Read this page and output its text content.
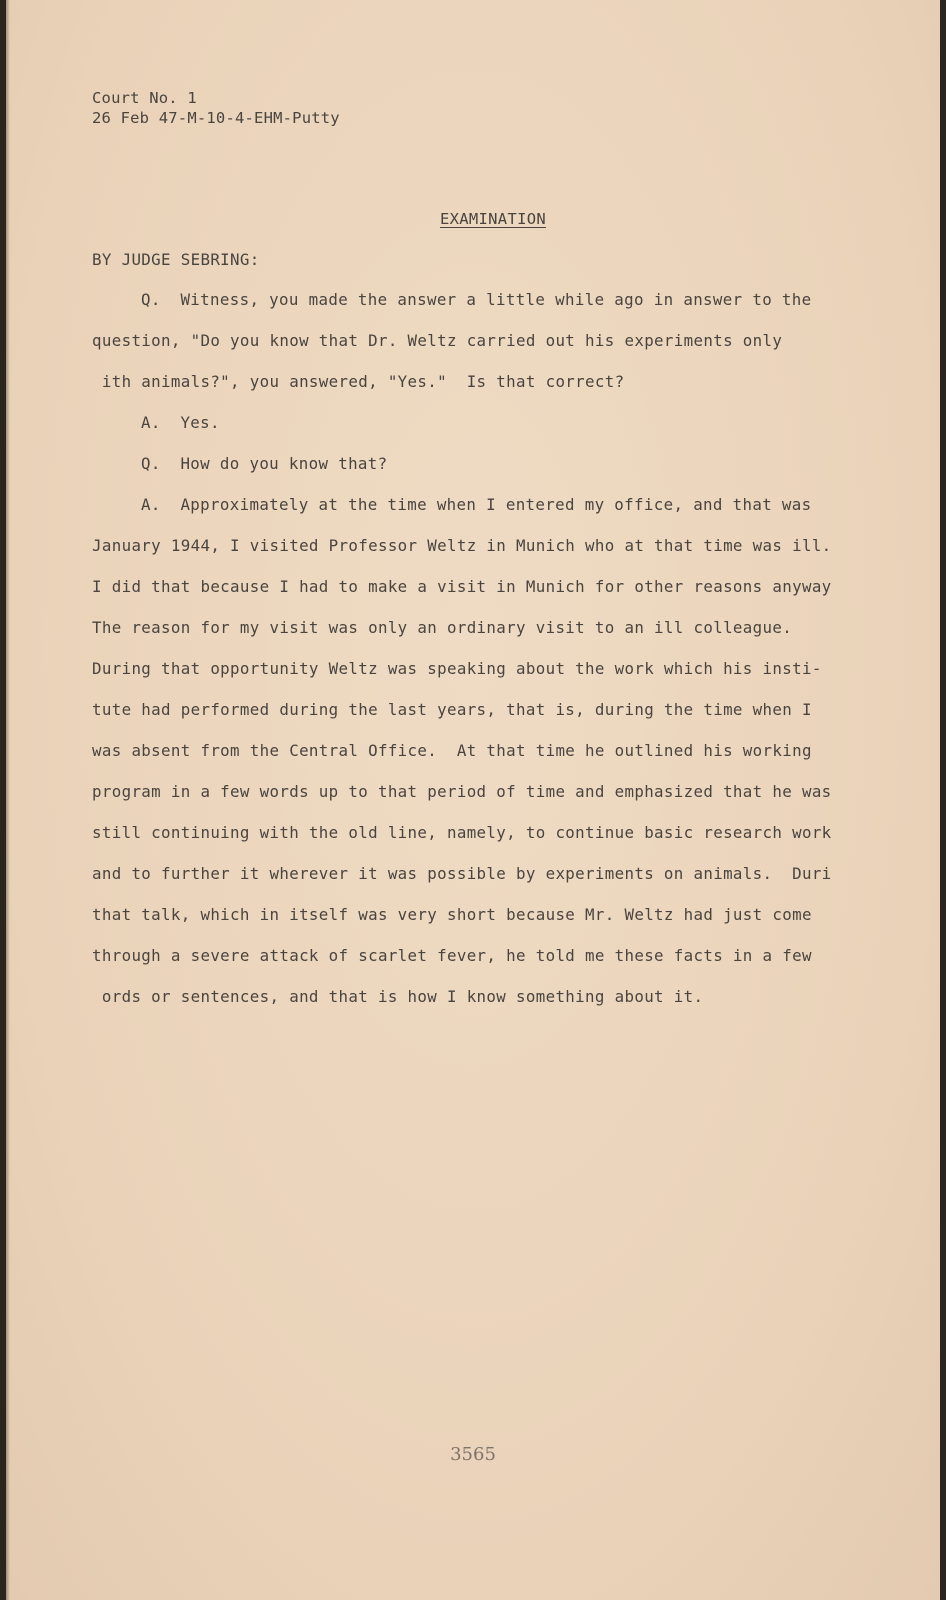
Court No. 1
26 Feb 47-M-10-4-EHM-Putty
EXAMINATION
BY JUDGE SEBRING:
Q.  Witness, you made the answer a little while ago in answer to the
question, "Do you know that Dr. Weltz carried out his experiments only
ith animals?", you answered, "Yes."  Is that correct?
A.  Yes.
Q.  How do you know that?
A.  Approximately at the time when I entered my office, and that was
January 1944, I visited Professor Weltz in Munich who at that time was ill.
I did that because I had to make a visit in Munich for other reasons anyway
The reason for my visit was only an ordinary visit to an ill colleague.
During that opportunity Weltz was speaking about the work which his insti-
tute had performed during the last years, that is, during the time when I
was absent from the Central Office.  At that time he outlined his working
program in a few words up to that period of time and emphasized that he was
still continuing with the old line, namely, to continue basic research work
and to further it wherever it was possible by experiments on animals.  Duri
that talk, which in itself was very short because Mr. Weltz had just come
through a severe attack of scarlet fever, he told me these facts in a few
ords or sentences, and that is how I know something about it.
3565
